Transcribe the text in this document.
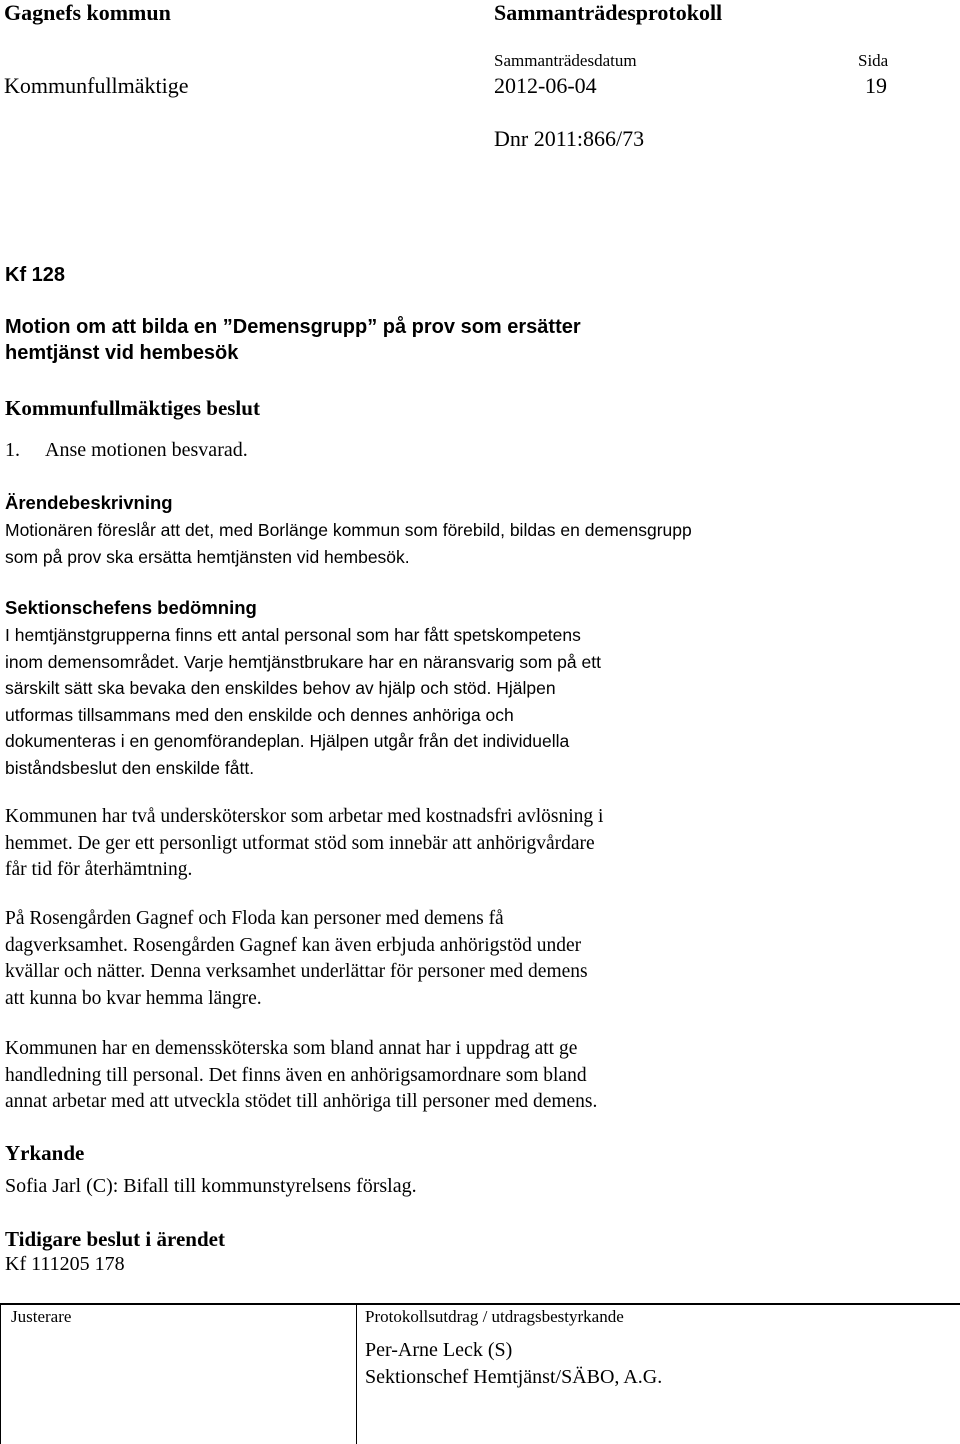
Gagnefs kommun	Sammanträdesprotokoll
Sammanträdesdatum	Sida
Kommunfullmäktige	2012-06-04	19
Dnr 2011:866/73
Kf 128
Motion om att bilda en ”Demensgrupp” på prov som ersätter
hemtjänst vid hembesök
Kommunfullmäktiges beslut
1. Anse motionen besvarad.
Ärendebeskrivning
Motionären föreslår att det, med Borlänge kommun som förebild, bildas en demensgrupp som på prov ska ersätta hemtjänsten vid hembesök.
Sektionschefens bedömning

I hemtjänstgrupperna finns ett antal personal som har fått spetskompetens

inom demensområdet. Varje hemtjänstbrukare har en näransvarig som på ett

särskilt sätt ska bevaka den enskildes behov av hjälp och stöd. Hjälpen

utformas tillsammans med den enskilde och dennes anhöriga och

dokumenteras i en genomförandeplan. Hjälpen utgår från det individuella

biståndsbeslut den enskilde fått.

Kommunen har två undersköterskor som arbetar med kostnadsfri avlösning i

hemmet. De ger ett personligt utformat stöd som innebär att anhörigvårdare

får tid för återhämtning.

På Rosengården Gagnef och Floda kan personer med demens få

dagverksamhet. Rosengården Gagnef kan även erbjuda anhörigstöd under

kvällar och nätter. Denna verksamhet underlättar för personer med demens

att kunna bo kvar hemma längre.

Kommunen har en demenssköterska som bland annat har i uppdrag att ge

handledning till personal. Det finns även en anhörigsamordnare som bland

annat arbetar med att utveckla stödet till anhöriga till personer med demens.

Yrkande
Sofia Jarl (C): Bifall till kommunstyrelsens förslag.
Tidigare beslut i ärendet
Kf 111205 178
Justerare	Protokollsutdrag / utdragsbestyrkande
Per-Arne Leck (S)
Sektionschef Hemtjänst/SÄBO, A.G.
